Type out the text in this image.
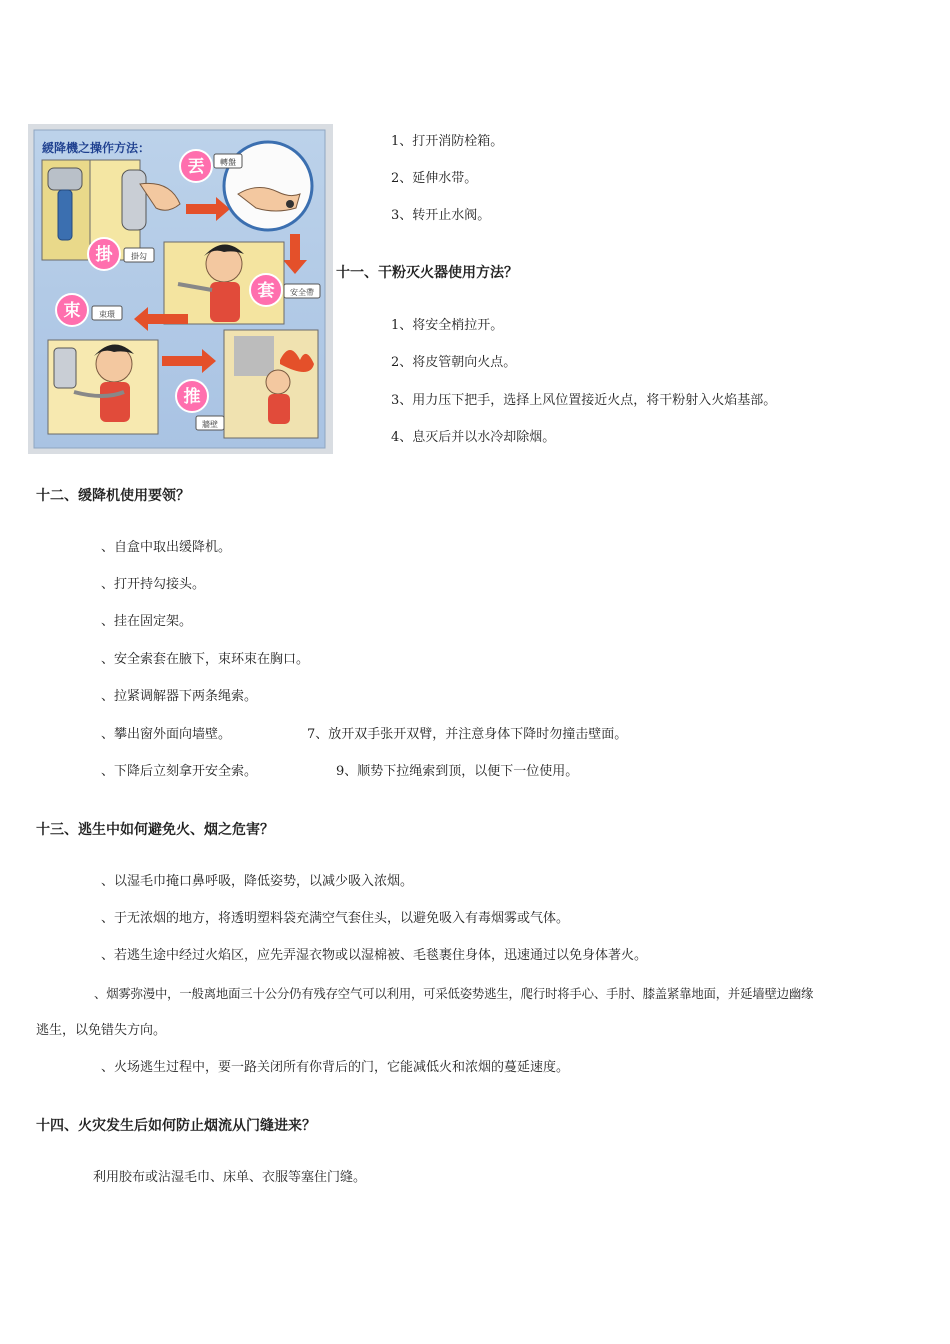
緩降機之操作方法：
丟 轉盤
掛 掛勾
套 安全帶
束 束環
推
牆壁
1、打开消防栓箱。
2、延伸水带。
3、转开止水阀。
十一、干粉灭火器使用方法？
1、将安全梢拉开。
2、将皮管朝向火点。
3、用力压下把手，选择上风位置接近火点，将干粉射入火焰基部。
4、息灭后并以水冷却除烟。
十二、缓降机使用要领？
、自盒中取出缓降机。
、打开持勾接头。
、挂在固定架。
、安全索套在腋下，束环束在胸口。
、拉紧调解器下两条绳索。
、攀出窗外面向墙壁。	7、放开双手张开双臂，并注意身体下降时勿撞击壁面。
、下降后立刻拿开安全索。	9、顺势下拉绳索到顶，以便下一位使用。
十三、逃生中如何避免火、烟之危害？
、以湿毛巾掩口鼻呼吸，降低姿势，以减少吸入浓烟。
、于无浓烟的地方，将透明塑料袋充满空气套住头，以避免吸入有毒烟雾或气体。
、若逃生途中经过火焰区，应先弄湿衣物或以湿棉被、毛毯裹住身体，迅速通过以免身体著火。
、烟雾弥漫中，一般离地面三十公分仍有残存空气可以利用，可采低姿势逃生，爬行时将手心、手肘、膝盖紧靠地面，并延墙壁边幽缘
逃生，以免错失方向。
、火场逃生过程中，要一路关闭所有你背后的门，它能减低火和浓烟的蔓延速度。
十四、火灾发生后如何防止烟流从门缝进来？
利用胶布或沾湿毛巾、床单、衣服等塞住门缝。
